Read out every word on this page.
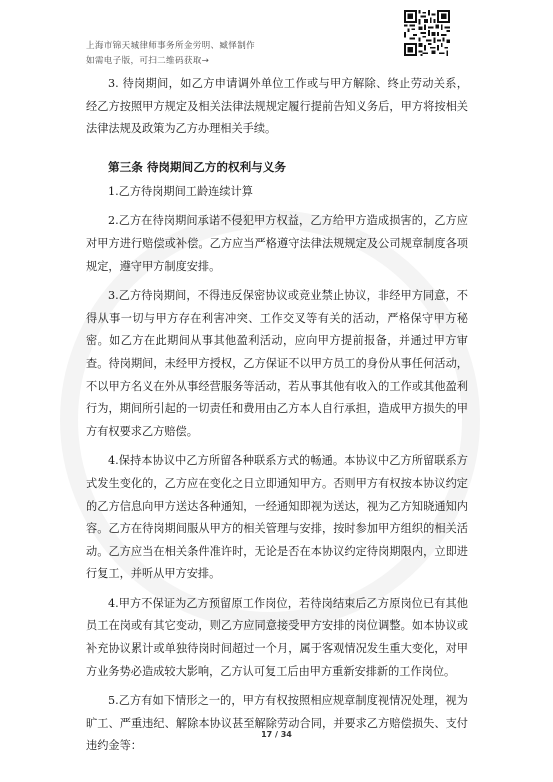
上海市锦天城律师事务所金労明、臧怿制作
如需电子版，可扫二维码获取→

3. 待岗期间，如乙方申请调外单位工作或与甲方解除、终止劳动关系，经乙方按照甲方规定及相关法律法规规定履行提前告知义务后，甲方将按相关法律法规及政策为乙方办理相关手续。

第三条 待岗期间乙方的权利与义务

1.乙方待岗期间工龄连续计算

2.乙方在待岗期间承诺不侵犯甲方权益，乙方给甲方造成损害的，乙方应对甲方进行赔偿或补偿。乙方应当严格遵守法律法规规定及公司规章制度各项规定，遵守甲方制度安排。

3.乙方待岗期间，不得违反保密协议或竞业禁止协议，非经甲方同意，不得从事一切与甲方存在利害冲突、工作交叉等有关的活动，严格保守甲方秘密。如乙方在此期间从事其他盈利活动，应向甲方提前报备，并通过甲方审查。待岗期间，未经甲方授权，乙方保证不以甲方员工的身份从事任何活动，不以甲方名义在外从事经营服务等活动，若从事其他有收入的工作或其他盈利行为，期间所引起的一切责任和费用由乙方本人自行承担，造成甲方损失的甲方有权要求乙方赔偿。

4.保持本协议中乙方所留各种联系方式的畅通。本协议中乙方所留联系方式发生变化的，乙方应在变化之日立即通知甲方。否则甲方有权按本协议约定的乙方信息向甲方送达各种通知，一经通知即视为送达，视为乙方知晓通知内容。乙方在待岗期间服从甲方的相关管理与安排，按时参加甲方组织的相关活动。乙方应当在相关条件准许时，无论是否在本协议约定待岗期限内，立即进行复工，并听从甲方安排。

4.甲方不保证为乙方预留原工作岗位，若待岗结束后乙方原岗位已有其他员工在岗或有其它变动，则乙方应同意接受甲方安排的岗位调整。如本协议或补充协议累计或单独待岗时间超过一个月，属于客观情况发生重大变化，对甲方业务势必造成较大影响，乙方认可复工后由甲方重新安排新的工作岗位。

5.乙方有如下情形之一的，甲方有权按照相应规章制度视情况处理，视为旷工、严重违纪、解除本协议甚至解除劳动合同，并要求乙方赔偿损失、支付违约金等：

17 / 34
